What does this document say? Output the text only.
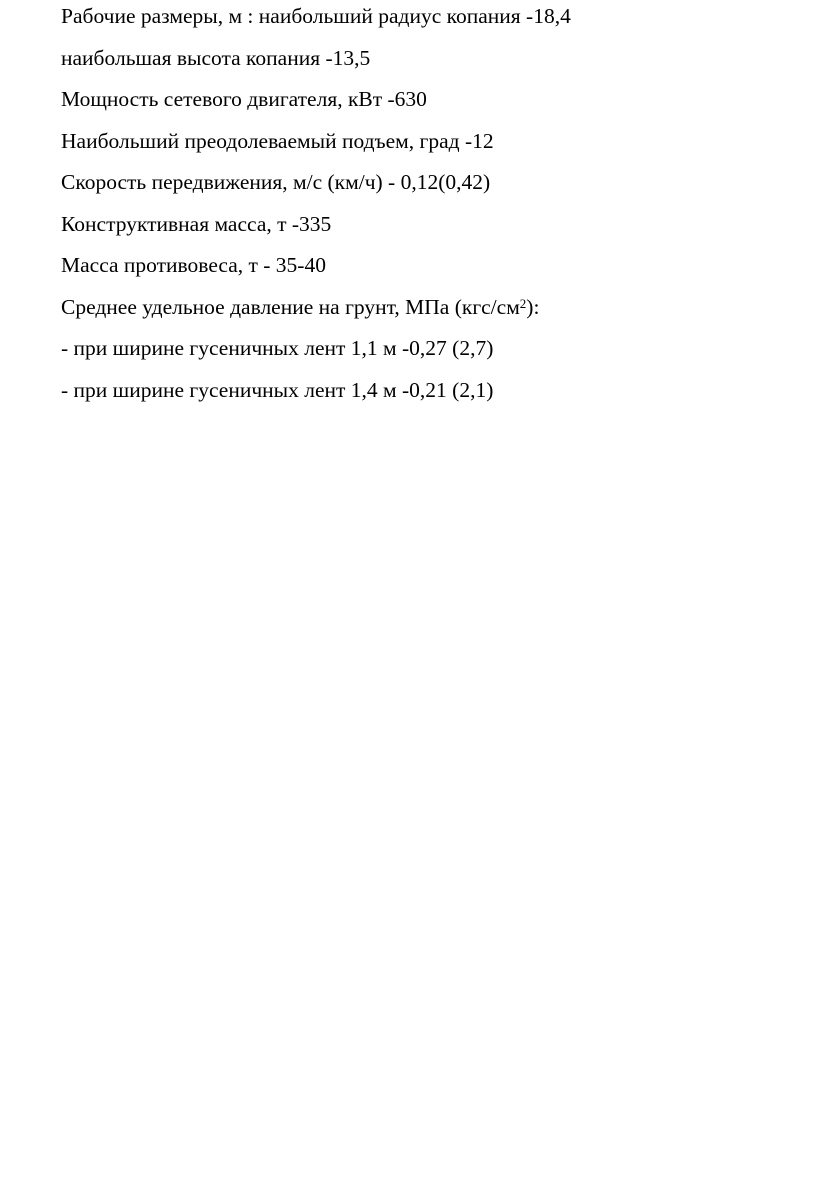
Рабочие размеры, м : наибольший радиус копания -18,4
наибольшая высота копания -13,5
Мощность сетевого двигателя, кВт -630
Наибольший преодолеваемый подъем, град -12
Скорость передвижения, м/с (км/ч) - 0,12(0,42)
Конструктивная масса, т -335
Масса противовеса, т - 35-40
Среднее удельное давление на грунт, МПа $(кгс/см^2)$:
- при ширине гусеничных лент 1,1 м -0,27 (2,7)
- при ширине гусеничных лент 1,4 м -0,21 (2,1)
